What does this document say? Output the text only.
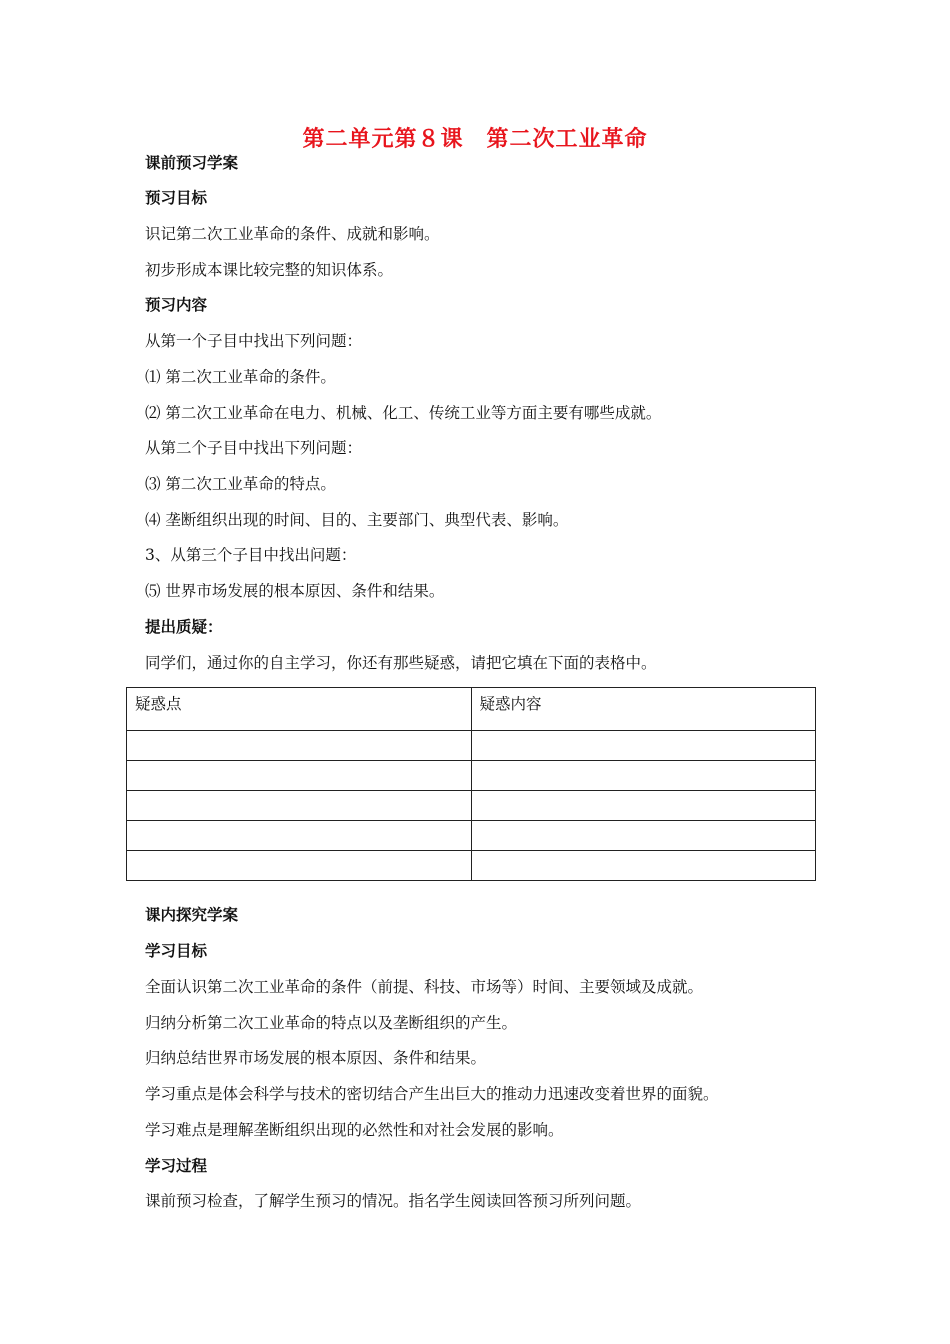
第二单元第８课　第二次工业革命
课前预习学案
预习目标
识记第二次工业革命的条件、成就和影响。
初步形成本课比较完整的知识体系。
预习内容
从第一个子目中找出下列问题：
⑴ 第二次工业革命的条件。
⑵ 第二次工业革命在电力、机械、化工、传统工业等方面主要有哪些成就。
从第二个子目中找出下列问题：
⑶ 第二次工业革命的特点。
⑷ 垄断组织出现的时间、目的、主要部门、典型代表、影响。
3、从第三个子目中找出问题：
⑸ 世界市场发展的根本原因、条件和结果。
提出质疑：
同学们，通过你的自主学习，你还有那些疑惑，请把它填在下面的表格中。
疑惑点	疑惑内容

课内探究学案
学习目标
全面认识第二次工业革命的条件（前提、科技、市场等）时间、主要领域及成就。
归纳分析第二次工业革命的特点以及垄断组织的产生。
归纳总结世界市场发展的根本原因、条件和结果。
学习重点是体会科学与技术的密切结合产生出巨大的推动力迅速改变着世界的面貌。
学习难点是理解垄断组织出现的必然性和对社会发展的影响。
学习过程
课前预习检查，了解学生预习的情况。指名学生阅读回答预习所列问题。
